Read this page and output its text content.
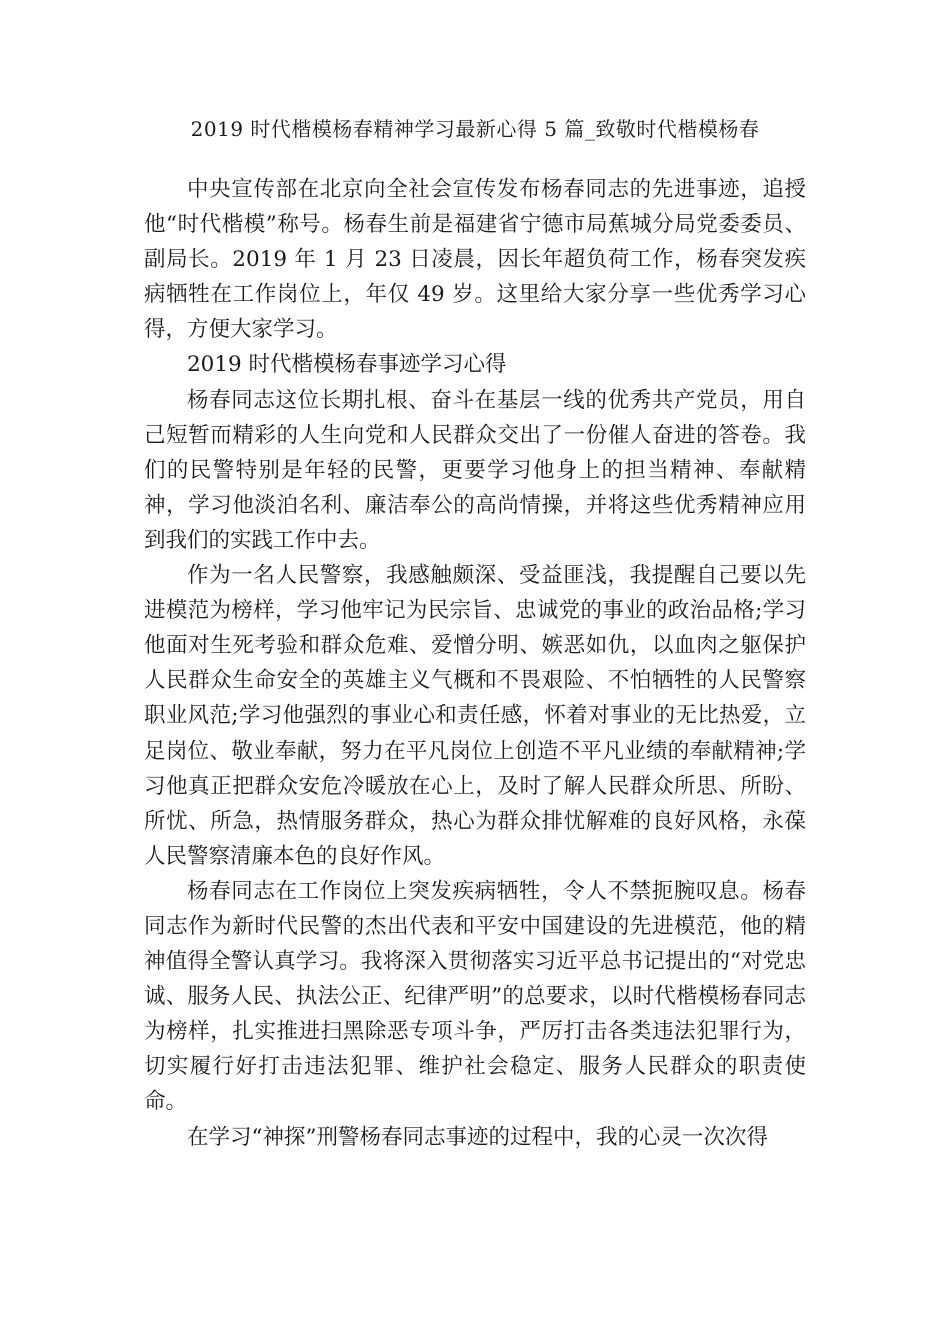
2019 时代楷模杨春精神学习最新心得 5 篇_致敬时代楷模杨春

中央宣传部在北京向全社会宣传发布杨春同志的先进事迹，追授他“时代楷模”称号。杨春生前是福建省宁德市局蕉城分局党委委员、副局长。2019 年 1 月 23 日凌晨，因长年超负荷工作，杨春突发疾病牺牲在工作岗位上，年仅 49 岁。这里给大家分享一些优秀学习心得，方便大家学习。

2019 时代楷模杨春事迹学习心得

杨春同志这位长期扎根、奋斗在基层一线的优秀共产党员，用自己短暂而精彩的人生向党和人民群众交出了一份催人奋进的答卷。我们的民警特别是年轻的民警，更要学习他身上的担当精神、奉献精神，学习他淡泊名利、廉洁奉公的高尚情操，并将这些优秀精神应用到我们的实践工作中去。

作为一名人民警察，我感触颇深、受益匪浅，我提醒自己要以先进模范为榜样，学习他牢记为民宗旨、忠诚党的事业的政治品格;学习他面对生死考验和群众危难、爱憎分明、嫉恶如仇，以血肉之躯保护人民群众生命安全的英雄主义气概和不畏艰险、不怕牺牲的人民警察职业风范;学习他强烈的事业心和责任感，怀着对事业的无比热爱，立足岗位、敬业奉献，努力在平凡岗位上创造不平凡业绩的奉献精神;学习他真正把群众安危冷暖放在心上，及时了解人民群众所思、所盼、所忧、所急，热情服务群众，热心为群众排忧解难的良好风格，永葆人民警察清廉本色的良好作风。

杨春同志在工作岗位上突发疾病牺牲，令人不禁扼腕叹息。杨春同志作为新时代民警的杰出代表和平安中国建设的先进模范，他的精神值得全警认真学习。我将深入贯彻落实习近平总书记提出的“对党忠诚、服务人民、执法公正、纪律严明”的总要求，以时代楷模杨春同志为榜样，扎实推进扫黑除恶专项斗争，严厉打击各类违法犯罪行为，切实履行好打击违法犯罪、维护社会稳定、服务人民群众的职责使命。

在学习“神探”刑警杨春同志事迹的过程中，我的心灵一次次得
